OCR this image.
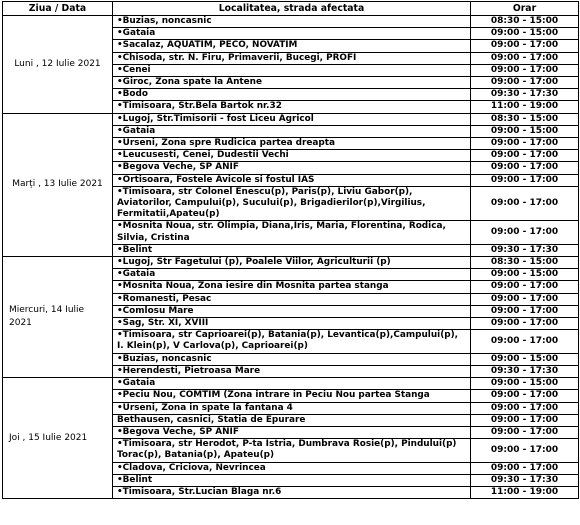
Ziua / Data	Localitatea, strada afectata	Orar
Luni , 12 Iulie 2021	•Buzias, noncasnic	08:30 - 15:00
	•Gataia	09:00 - 15:00
	•Sacalaz, AQUATIM, PECO, NOVATIM	09:00 - 17:00
	•Chisoda, str. N. Firu, Primaverii, Bucegi, PROFI	09:00 - 17:00
	•Cenei	09:00 - 17:00
	•Giroc, Zona spate la Antene	09:00 - 17:00
	•Bodo	09:30 - 17:30
	•Timisoara, Str.Bela Bartok nr.32	11:00 - 19:00
Marți , 13 Iulie 2021	•Lugoj, Str.Timisorii - fost Liceu Agricol	08:30 - 15:00
	•Gataia	09:00 - 15:00
	•Urseni, Zona spre Rudicica partea dreapta	09:00 - 17:00
	•Leucusesti, Cenei, Dudestii Vechi	09:00 - 17:00
	•Begova Veche, SP ANIF	09:00 - 17:00
	•Ortisoara, Fostele Avicole si fostul IAS	09:00 - 17:00
	•Timisoara, str Colonel Enescu(p), Paris(p), Liviu Gabor(p), Aviatorilor, Campului(p), Sucului(p), Brigadierilor(p),Virgilius, Fermitatii,Apateu(p)	09:00 - 17:00
	•Mosnita Noua, str. Olimpia, Diana,Iris, Maria, Florentina, Rodica, Silvia, Cristina	09:00 - 17:00
	•Belint	09:30 - 17:30
Miercuri, 14 Iulie 2021	•Lugoj, Str Fagetului (p), Poalele Viilor, Agriculturii (p)	08:30 - 15:00
	•Gataia	09:00 - 15:00
	•Mosnita Noua, Zona iesire din Mosnita partea stanga	09:00 - 17:00
	•Romanesti, Pesac	09:00 - 17:00
	•Comlosu Mare	09:00 - 17:00
	•Sag, Str. XI, XVIII	09:00 - 17:00
	•Timisoara, str Caprioarei(p), Batania(p), Levantica(p),Campului(p), I. Klein(p), V Carlova(p), Caprioarei(p)	09:00 - 17:00
	•Buzias, noncasnic	09:00 - 15:00
	•Herendesti, Pietroasa Mare	09:30 - 17:30
Joi , 15 Iulie 2021	•Gataia	09:00 - 15:00
	•Peciu Nou, COMTIM (Zona intrare in Peciu Nou partea Stanga	09:00 - 17:00
	•Urseni, Zona in spate la fantana 4	09:00 - 17:00
	Bethausen, casnici, Statia de Epurare	09:00 - 17:00
	•Begova Veche, SP ANIF	09:00 - 17:00
	•Timisoara, str Herodot, P-ta Istria, Dumbrava Rosie(p), Pindului(p) Torac(p), Batania(p), Apateu(p)	09:00 - 17:00
	•Cladova, Criciova, Nevrincea	09:00 - 17:00
	•Belint	09:30 - 17:30
	•Timisoara, Str.Lucian Blaga nr.6	11:00 - 19:00
